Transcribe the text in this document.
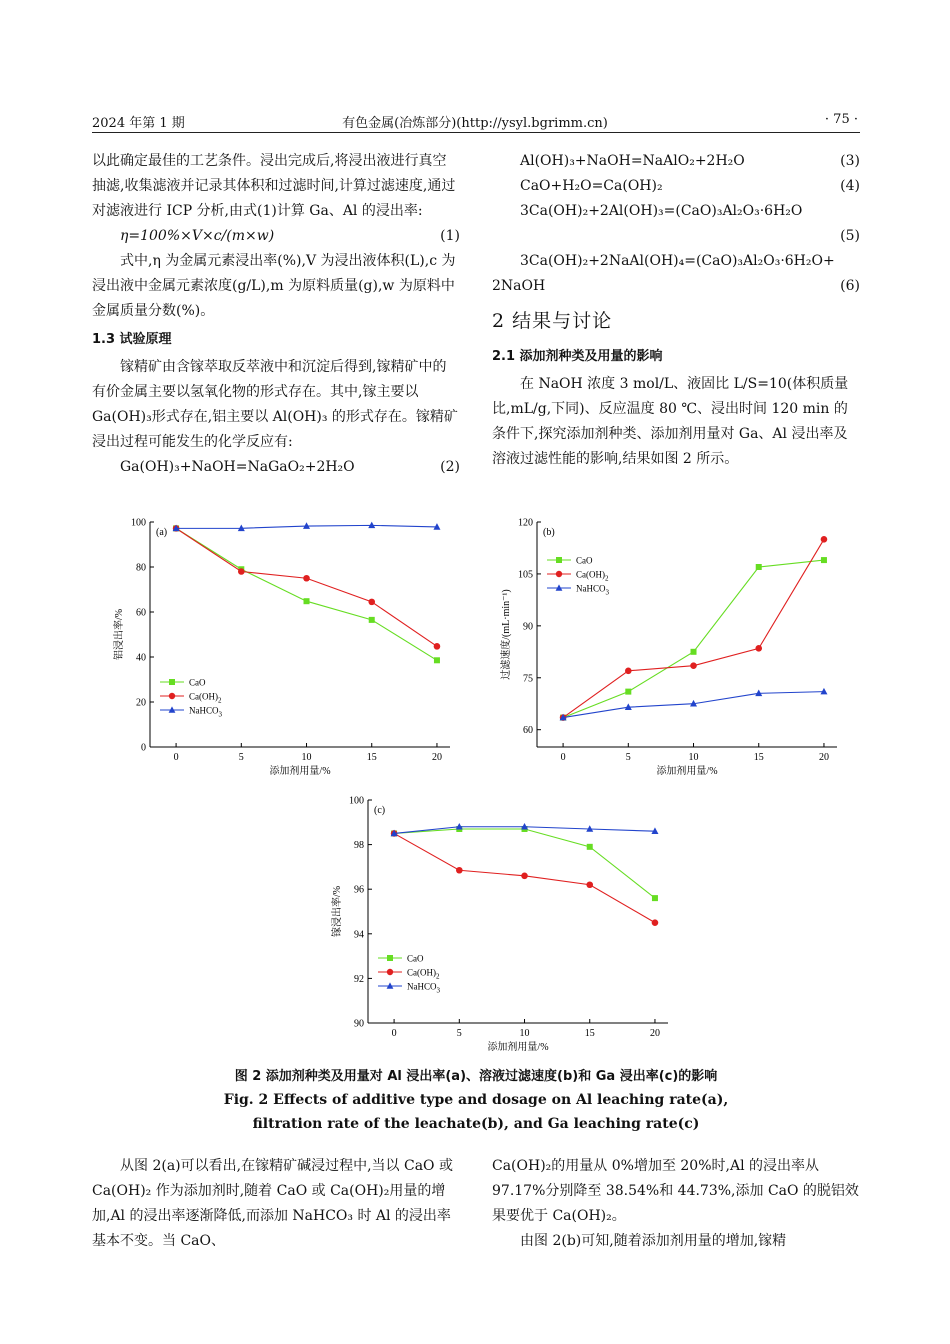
2024 年第 1 期	有色金属(冶炼部分)(http://ysyl.bgrimm.cn)	· 75 ·

以此确定最佳的工艺条件。浸出完成后,将浸出液进行真空抽滤,收集滤液并记录其体积和过滤时间,计算过滤速度,通过对滤液进行 ICP 分析,由式(1)计算 Ga、Al 的浸出率:

η=100%×V×c/(m×w)	(1)

式中,η 为金属元素浸出率(%),V 为浸出液体积(L),c 为浸出液中金属元素浓度(g/L),m 为原料质量(g),w 为原料中金属质量分数(%)。

1.3 试验原理

镓精矿由含镓萃取反萃液中和沉淀后得到,镓精矿中的有价金属主要以氢氧化物的形式存在。其中,镓主要以 Ga(OH)₃形式存在,铝主要以 Al(OH)₃ 的形式存在。镓精矿浸出过程可能发生的化学反应有:

Ga(OH)₃+NaOH=NaGaO₂+2H₂O	(2)
Al(OH)₃+NaOH=NaAlO₂+2H₂O	(3)
CaO+H₂O=Ca(OH)₂	(4)
3Ca(OH)₂+2Al(OH)₃=(CaO)₃Al₂O₃·6H₂O
(5)
3Ca(OH)₂+2NaAl(OH)₄=(CaO)₃Al₂O₃·6H₂O+
2NaOH	(6)
2 结果与讨论
2.1 添加剂种类及用量的影响

在 NaOH 浓度 3 mol/L、液固比 L/S=10(体积质量比,mL/g,下同)、反应温度 80 ℃、浸出时间 120 min 的条件下,探究添加剂种类、添加剂用量对 Ga、Al 浸出率及溶液过滤性能的影响,结果如图 2 所示。

0
20
40
60
80
100
0	5	10	15	20
添加剂用量/%
铝浸出率/%
(a)
CaO
$Ca(OH)_2$
NaHCO$_3$
60
75
90
105
120
0	5	10	15	20
添加剂用量/%
过滤速度/(mL·min⁻¹)
(b)
CaO
$Ca(OH)_2$
NaHCO$_3$
90
92
94
96
98
100
0	5	10	15	20
添加剂用量/%
镓浸出率/%
(c)
CaO
$Ca(OH)_2$
NaHCO$_3$
图 2 添加剂种类及用量对 Al 浸出率(a)、溶液过滤速度(b)和 Ga 浸出率(c)的影响
Fig. 2 Effects of additive type and dosage on Al leaching rate(a),
filtration rate of the leachate(b), and Ga leaching rate(c)

从图 2(a)可以看出,在镓精矿碱浸过程中,当以 CaO 或 Ca(OH)₂ 作为添加剂时,随着 CaO 或 Ca(OH)₂用量的增加,Al 的浸出率逐渐降低,而添加 NaHCO₃ 时 Al 的浸出率基本不变。当 CaO、

Ca(OH)₂的用量从 0%增加至 20%时,Al 的浸出率从 97.17%分别降至 38.54%和 44.73%,添加 CaO 的脱铝效果要优于 Ca(OH)₂。

由图 2(b)可知,随着添加剂用量的增加,镓精
